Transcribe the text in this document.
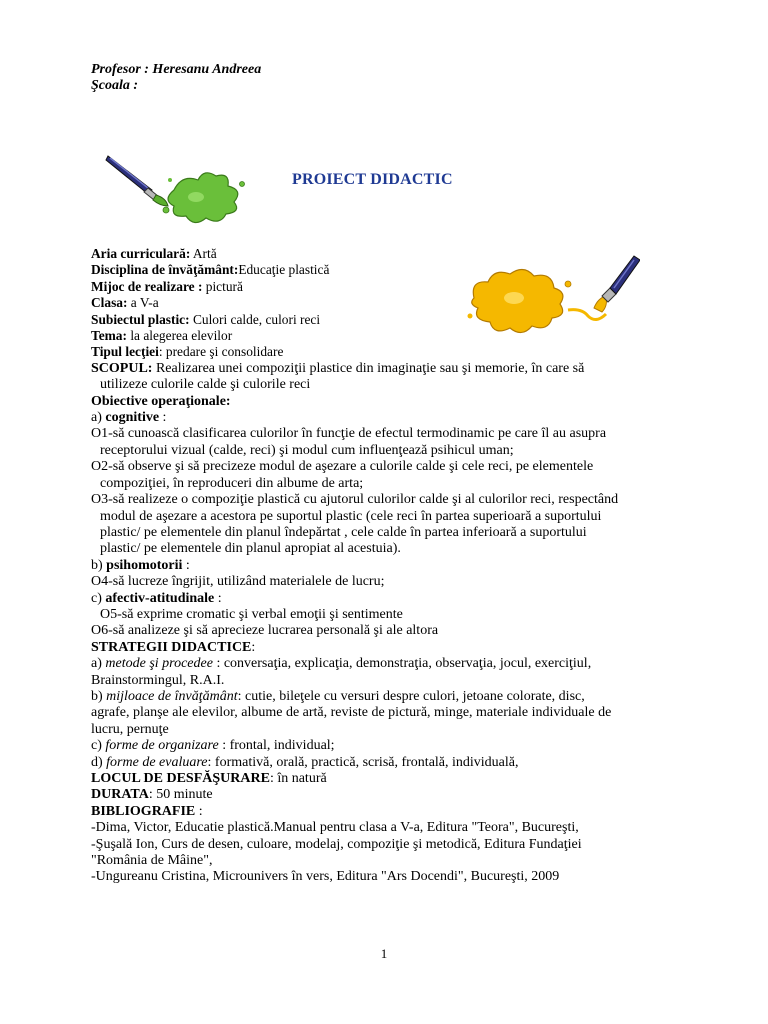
Profesor : Heresanu Andreea
Şcoala :
PROIECT DIDACTIC
Aria curriculară: Artă
Disciplina de învăţământ:Educaţie plastică
Mijoc de realizare : pictură
Clasa: a V-a
Subiectul plastic: Culori calde, culori reci
Tema: la alegerea elevilor
Tipul lecţiei: predare şi consolidare
SCOPUL: Realizarea unei compoziţii plastice din imaginaţie sau şi memorie, în care să
utilizeze culorile calde şi culorile reci
Obiective operaţionale:
a) cognitive :
O1-să cunoască clasificarea culorilor în funcţie de efectul termodinamic pe care îl au asupra
receptorului vizual (calde, reci) şi modul cum influenţează psihicul uman;
O2-să observe şi să precizeze modul de aşezare a culorile calde şi cele reci, pe elementele
compoziţiei, în reproduceri din albume de arta;
O3-să realizeze o compoziţie plastică cu ajutorul culorilor calde şi al culorilor reci, respectând
modul de aşezare a acestora pe suportul plastic (cele reci în partea superioară a suportului
plastic/ pe elementele din planul îndepărtat , cele calde în partea inferioară a suportului
plastic/ pe elementele din planul apropiat al acestuia).
b) psihomotorii :
O4-să lucreze îngrijit, utilizând materialele de lucru;
c) afectiv-atitudinale :
O5-să exprime cromatic şi verbal emoţii şi sentimente
O6-să analizeze şi să aprecieze lucrarea personală şi ale altora
STRATEGII DIDACTICE:
a) metode şi procedee : conversaţia, explicaţia, demonstraţia, observaţia, jocul, exerciţiul,
Brainstormingul, R.A.I.
b) mijloace de învăţământ: cutie, bileţele cu versuri despre culori, jetoane colorate, disc,
agrafe, planşe ale elevilor, albume de artă, reviste de pictură, minge, materiale individuale de
lucru, pernuţe
c) forme de organizare : frontal, individual;
d) forme de evaluare: formativă, orală, practică, scrisă, frontală, individuală,
LOCUL DE DESFĂŞURARE: în natură
DURATA: 50 minute
BIBLIOGRAFIE :
-Dima, Victor, Educatie plastică.Manual pentru clasa a V-a, Editura "Teora", Bucureşti,
-Şuşală Ion, Curs de desen, culoare, modelaj, compoziţie şi metodică, Editura Fundaţiei
"România de Mâine",
-Ungureanu Cristina, Microunivers în vers, Editura "Ars Docendi", Bucureşti, 2009
1
